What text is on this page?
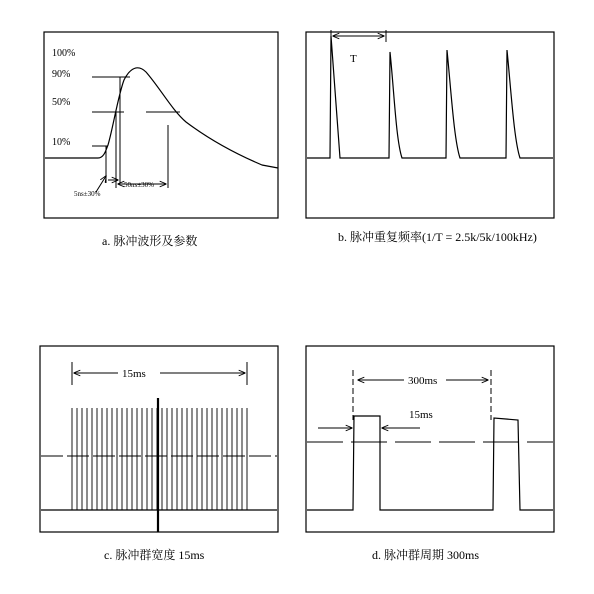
100%
90%
50%
10%
5ns±30%
50ns±30%
a. 脉冲波形及参数
T
b. 脉冲重复频率(1/T = 2.5k/5k/100kHz)
15ms
c. 脉冲群宽度 15ms
300ms
15ms
d. 脉冲群周期 300ms
